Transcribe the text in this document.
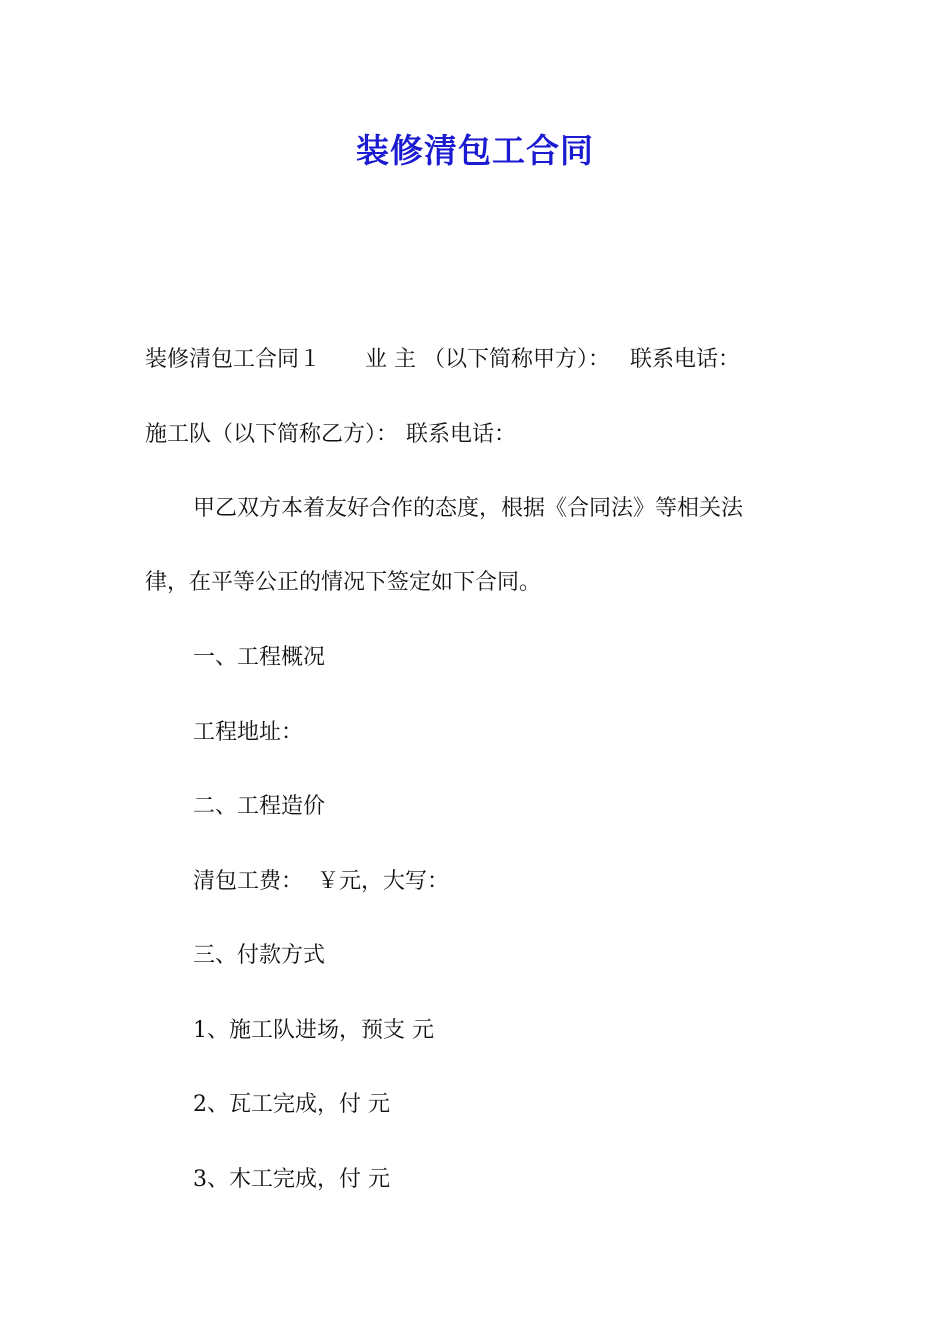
装修清包工合同
装修清包工合同１ 业 主 （以下简称甲方）： 联系电话：
施工队（以下简称乙方）： 联系电话：
甲乙双方本着友好合作的态度，根据《合同法》等相关法
律，在平等公正的情况下签定如下合同。
一、工程概况
工程地址：
二、工程造价
清包工费： ￥元，大写：
三、付款方式
1、施工队进场，预支 元
2、瓦工完成，付 元
3、木工完成，付 元
